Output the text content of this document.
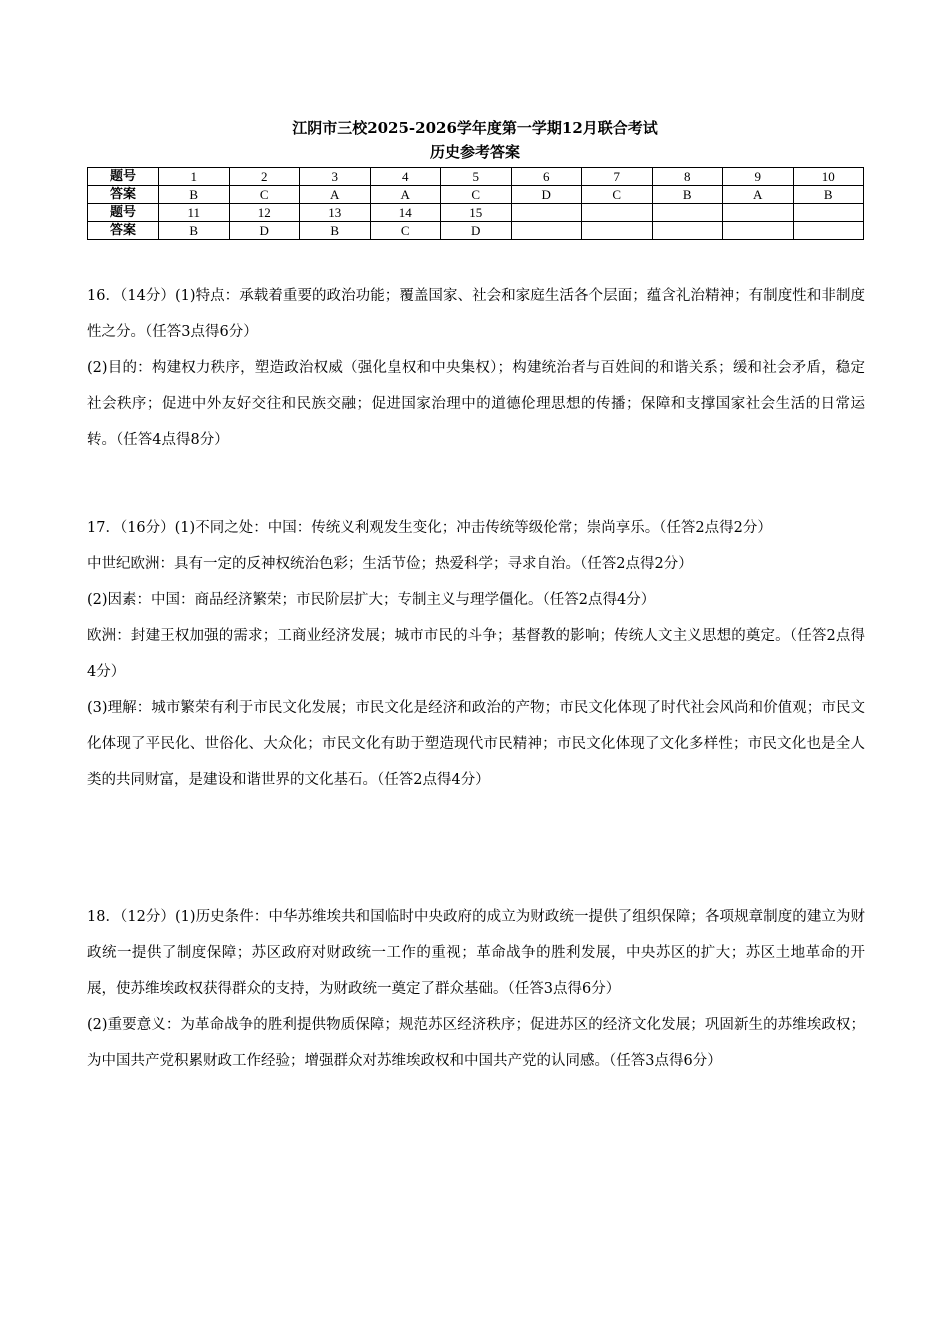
江阴市三校2025-2026学年度第一学期12月联合考试
历史参考答案
题号	1	2	3	4	5	6	7	8	9	10
答案	B	C	A	A	C	D	C	B	A	B
题号	11	12	13	14	15					
答案	B	D	B	C	D					

16．（14分）(1)特点：承载着重要的政治功能；覆盖国家、社会和家庭生活各个层面；蕴含礼治精神；有制度性和非制度性之分。（任答3点得6分）

(2)目的：构建权力秩序，塑造政治权威（强化皇权和中央集权）；构建统治者与百姓间的和谐关系；缓和社会矛盾，稳定社会秩序；促进中外友好交往和民族交融；促进国家治理中的道德伦理思想的传播；保障和支撑国家社会生活的日常运转。（任答4点得8分）

17．（16分）(1)不同之处：中国：传统义利观发生变化；冲击传统等级伦常；崇尚享乐。（任答2点得2分）

中世纪欧洲：具有一定的反神权统治色彩；生活节俭；热爱科学；寻求自治。（任答2点得2分）

(2)因素：中国：商品经济繁荣；市民阶层扩大；专制主义与理学僵化。（任答2点得4分）

欧洲：封建王权加强的需求；工商业经济发展；城市市民的斗争；基督教的影响；传统人文主义思想的奠定。（任答2点得4分）

(3)理解：城市繁荣有利于市民文化发展；市民文化是经济和政治的产物；市民文化体现了时代社会风尚和价值观；市民文化体现了平民化、世俗化、大众化；市民文化有助于塑造现代市民精神；市民文化体现了文化多样性；市民文化也是全人类的共同财富，是建设和谐世界的文化基石。（任答2点得4分）

18．（12分）(1)历史条件：中华苏维埃共和国临时中央政府的成立为财政统一提供了组织保障；各项规章制度的建立为财政统一提供了制度保障；苏区政府对财政统一工作的重视；革命战争的胜利发展，中央苏区的扩大；苏区土地革命的开展，使苏维埃政权获得群众的支持，为财政统一奠定了群众基础。（任答3点得6分）

(2)重要意义：为革命战争的胜利提供物质保障；规范苏区经济秩序；促进苏区的经济文化发展；巩固新生的苏维埃政权；为中国共产党积累财政工作经验；增强群众对苏维埃政权和中国共产党的认同感。（任答3点得6分）
